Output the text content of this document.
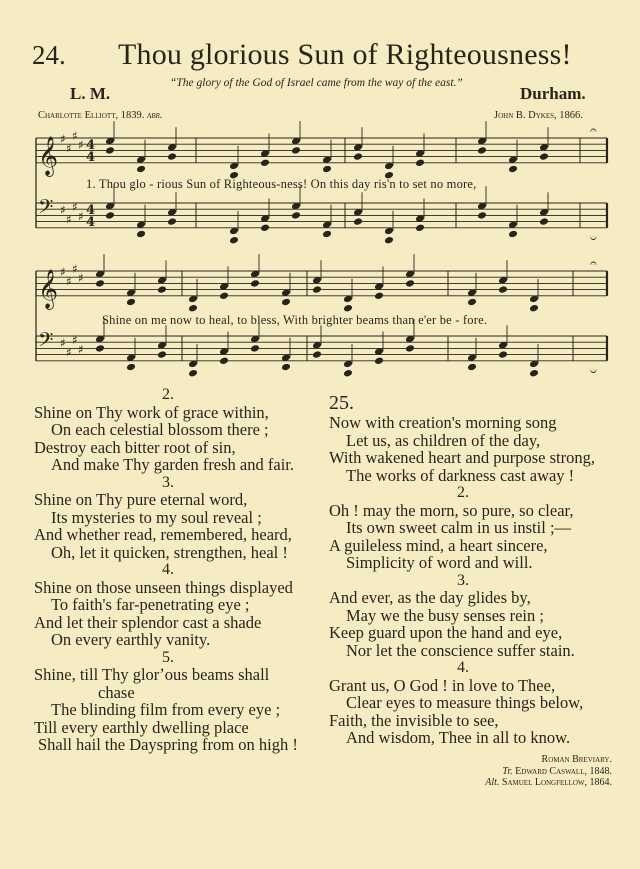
24. Thou glorious Sun of Righteousness!
“The glory of the God of Israel came from the way of the east.”
L. M.	Durham.
Charlotte Elliott, 1839. abr.	John B. Dykes, 1866.
𝄞 ♯
♯
♯
♯ 4
4
𝄐
𝄢 ♯
♯
♯
♯ 4
4
𝄑
𝄞 ♯
♯
♯
♯
𝄐
𝄢 ♯
♯
♯
♯
𝄑
1. Thou glo - rious Sun of Righteous-ness! On this day ris'n to set no more,
Shine on me now to heal, to bless, With brighter beams than e'er be - fore.
2.
Shine on Thy work of grace within,
On each celestial blossom there ;
Destroy each bitter root of sin,
And make Thy garden fresh and fair.
3.
Shine on Thy pure eternal word,
Its mysteries to my soul reveal ;
And whether read, remembered, heard,
Oh, let it quicken, strengthen, heal !
4.
Shine on those unseen things displayed
To faith's far-penetrating eye ;
And let their splendor cast a shade
On every earthly vanity.
5.
Shine, till Thy glorʼous beams shall
chase
The blinding film from every eye ;
Till every earthly dwelling place
Shall hail the Dayspring from on high !
25.
Now with creation's morning song
Let us, as children of the day,
With wakened heart and purpose strong,
The works of darkness cast away !
2.
Oh ! may the morn, so pure, so clear,
Its own sweet calm in us instil ;—
A guileless mind, a heart sincere,
Simplicity of word and will.
3.
And ever, as the day glides by,
May we the busy senses rein ;
Keep guard upon the hand and eye,
Nor let the conscience suffer stain.
4.
Grant us, O God ! in love to Thee,
Clear eyes to measure things below,
Faith, the invisible to see,
And wisdom, Thee in all to know.
Roman Breviary.
Tr. Edward Caswall, 1848.
Alt. Samuel Longfellow, 1864.
